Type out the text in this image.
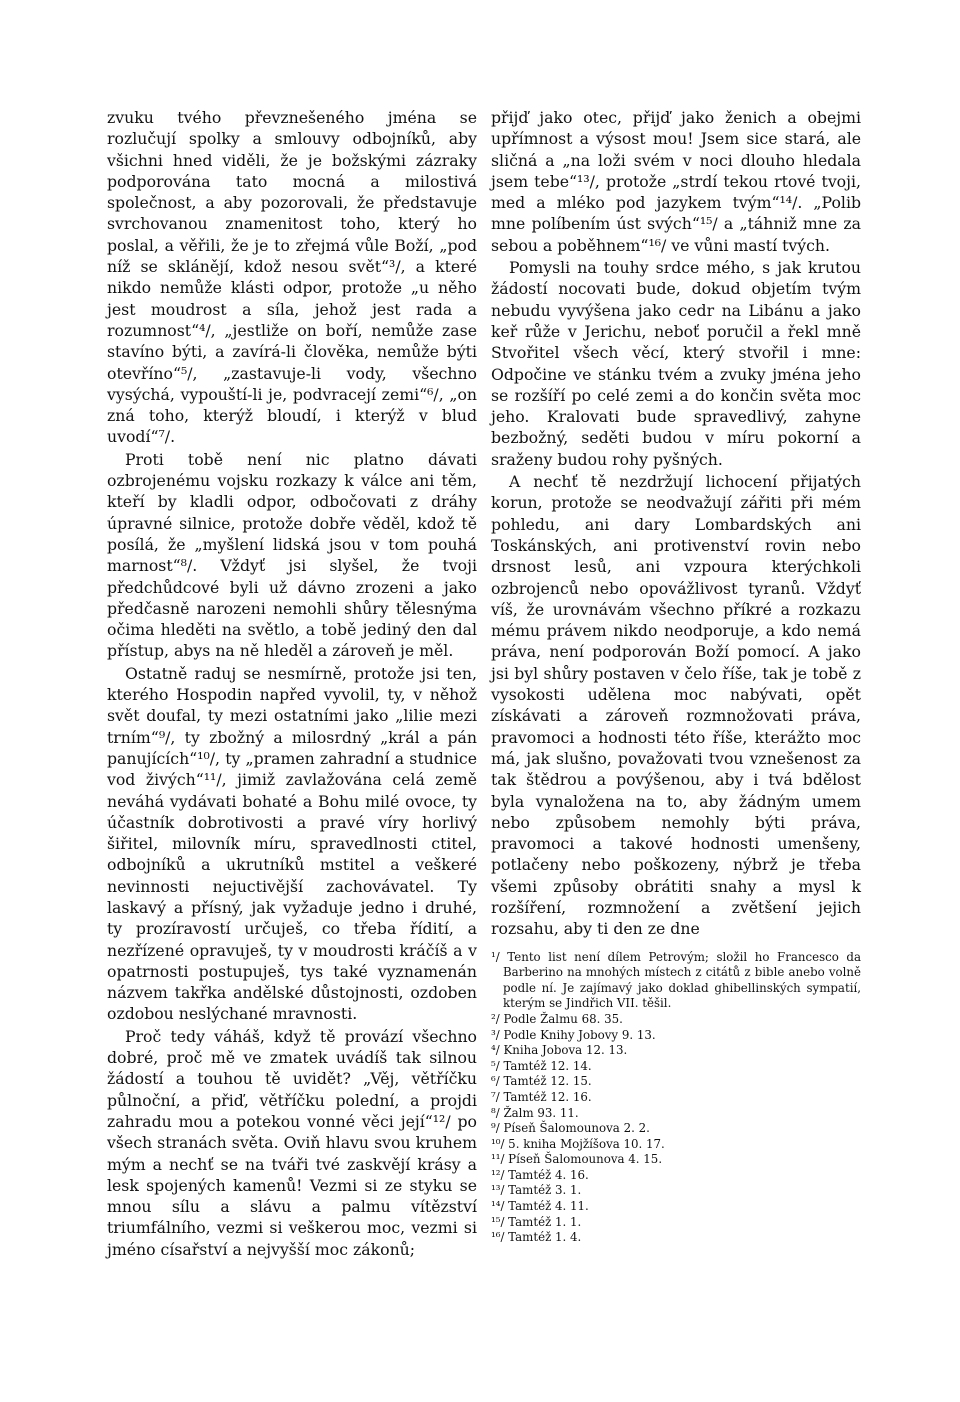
zvuku tvého převznešeného jména se rozlučují spolky a smlouvy odbojníků, aby všichni hned viděli, že je božskými zázraky podporována tato mocná a milostivá společnost, a aby pozorovali, že představuje svrchovanou znamenitost toho, který ho poslal, a věřili, že je to zřejmá vůle Boží, „pod níž se sklánějí, kdož nesou svět“³/, a které nikdo nemůže klásti odpor, protože „u něho jest moudrost a síla, jehož jest rada a rozumnost“⁴/, „jestliže on boří, nemůže zase stavíno býti, a zavírá-li člověka, nemůže býti otevříno“⁵/, „zastavuje-li vody, všechno vysýchá, vypouští-li je, podvracejí zemi“⁶/, „on zná toho, kterýž bloudí, i kterýž v blud uvodí“⁷/.

Proti tobě není nic platno dávati ozbrojenému vojsku rozkazy k válce ani těm, kteří by kladli odpor, odbočovati z dráhy úpravné silnice, protože dobře věděl, kdož tě posílá, že „myšlení lidská jsou v tom pouhá marnost“⁸/. Vždyť jsi slyšel, že tvoji předchůdcové byli už dávno zrozeni a jako předčasně narozeni nemohli shůry tělesnýma očima hleděti na světlo, a tobě jediný den dal přístup, abys na ně hleděl a zároveň je měl.

Ostatně raduj se nesmírně, protože jsi ten, kterého Hospodin napřed vyvolil, ty, v něhož svět doufal, ty mezi ostatními jako „lilie mezi trním“⁹/, ty zbožný a milosrdný „král a pán panujících“¹⁰/, ty „pramen zahradní a studnice vod živých“¹¹/, jimiž zavlažována celá země neváhá vydávati bohaté a Bohu milé ovoce, ty účastník dobrotivosti a pravé víry horlivý šiřitel, milovník míru, spravedlnosti ctitel, odbojníků a ukrutníků mstitel a veškeré nevinnosti nejuctivější zachovávatel. Ty laskavý a přísný, jak vyžaduje jedno i druhé, ty prozíravostí určuješ, co třeba řídití, a nezřízené opravuješ, ty v moudrosti kráčíš a v opatrnosti postupuješ, tys také vyznamenán názvem takřka andělské důstojnosti, ozdoben ozdobou neslýchané mravnosti.

Proč tedy váháš, když tě provází všechno dobré, proč mě ve zmatek uvádíš tak silnou žádostí a touhou tě uvidět? „Věj, větříčku půlnoční, a přiď, větříčku polední, a projdi zahradu mou a potekou vonné věci její“¹²/ po všech stranách světa. Oviň hlavu svou kruhem mým a nechť se na tváři tvé zaskvějí krásy a lesk spojených kamenů! Vezmi si ze styku se mnou sílu a slávu a palmu vítězství triumfálního, vezmi si veškerou moc, vezmi si jméno císařství a nejvyšší moc zákonů;

přijď jako otec, přijď jako ženich a obejmi upřímnost a výsost mou! Jsem sice stará, ale sličná a „na loži svém v noci dlouho hledala jsem tebe“¹³/, protože „strdí tekou rtové tvoji, med a mléko pod jazykem tvým“¹⁴/. „Polib mne políbením úst svých“¹⁵/ a „táhniž mne za sebou a poběhnem“¹⁶/ ve vůni mastí tvých.

Pomysli na touhy srdce mého, s jak krutou žádostí nocovati bude, dokud objetím tvým nebudu vyvýšena jako cedr na Libánu a jako keř růže v Jerichu, neboť poručil a řekl mně Stvořitel všech věcí, který stvořil i mne: Odpočine ve stánku tvém a zvuky jména jeho se rozšíří po celé zemi a do končin světa moc jeho. Kralovati bude spravedlivý, zahyne bezbožný, seděti budou v míru pokorní a sraženy budou rohy pyšných.

A nechť tě nezdržují lichocení přijatých korun, protože se neodvažují zářiti při mém pohledu, ani dary Lombardských ani Toskánských, ani protivenství rovin nebo drsnost lesů, ani vzpoura kterýchkoli ozbrojenců nebo opovážlivost tyranů. Vždyť víš, že urovnávám všechno příkré a rozkazu mému právem nikdo neodporuje, a kdo nemá práva, není podporován Boží pomocí. A jako jsi byl shůry postaven v čelo říše, tak je tobě z vysokosti udělena moc nabývati, opět získávati a zároveň rozmnožovati práva, pravomoci a hodnosti této říše, kterážto moc má, jak slušno, považovati tvou vznešenost za tak štědrou a povýšenou, aby i tvá bdělost byla vynaložena na to, aby žádným umem nebo způsobem nemohly býti práva, pravomoci a takové hodnosti umenšeny, potlačeny nebo poškozeny, nýbrž je třeba všemi způsoby obrátiti snahy a mysl k rozšíření, rozmnožení a zvětšení jejich rozsahu, aby ti den ze dne

¹/ Tento list není dílem Petrovým; složil ho Francesco da Barberino na mnohých místech z citátů z bible anebo volně podle ní. Je zajímavý jako doklad ghibellinských sympatií, kterým se Jindřich VII. těšil.

²/ Podle Žalmu 68. 35.

³/ Podle Knihy Jobovy 9. 13.

⁴/ Kniha Jobova 12. 13.

⁵/ Tamtéž 12. 14.

⁶/ Tamtéž 12. 15.

⁷/ Tamtéž 12. 16.

⁸/ Žalm 93. 11.

⁹/ Píseň Šalomounova 2. 2.

¹⁰/ 5. kniha Mojžíšova 10. 17.

¹¹/ Píseň Šalomounova 4. 15.

¹²/ Tamtéž 4. 16.

¹³/ Tamtéž 3. 1.

¹⁴/ Tamtéž 4. 11.

¹⁵/ Tamtéž 1. 1.

¹⁶/ Tamtéž 1. 4.
